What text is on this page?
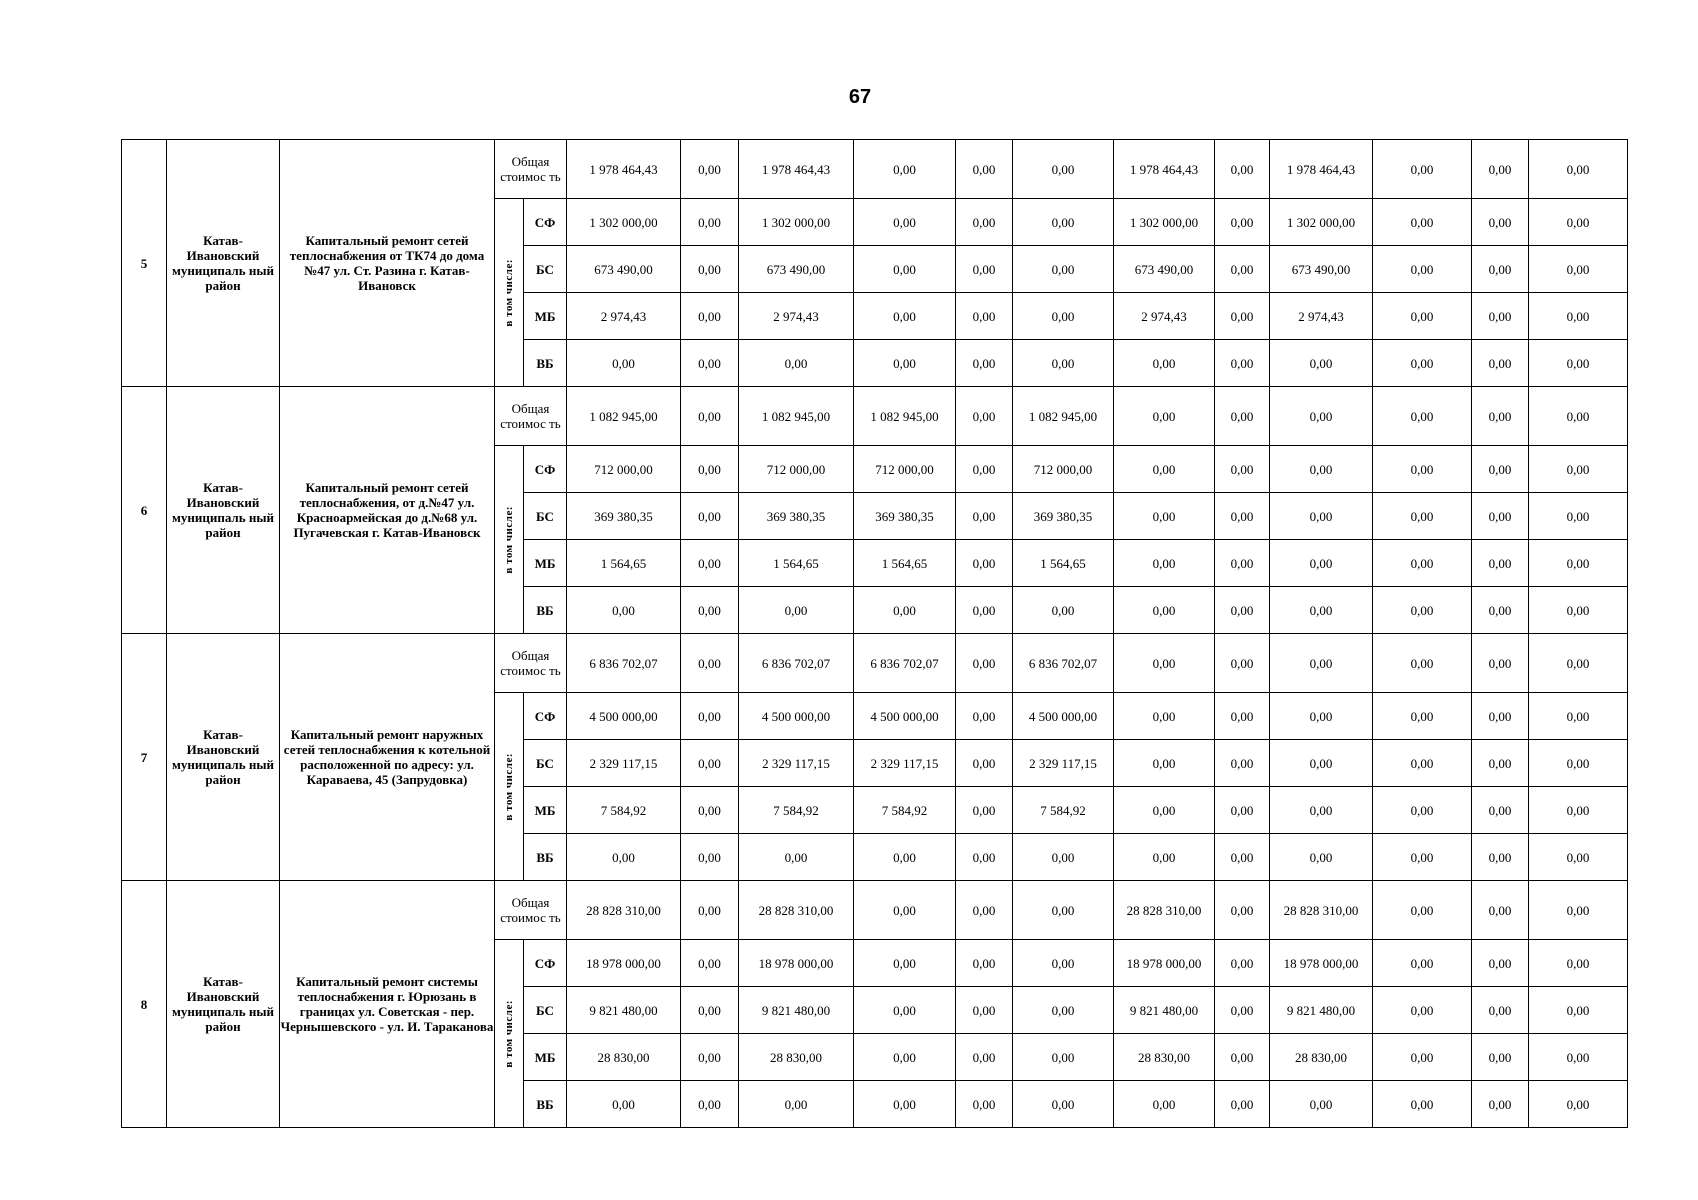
67
5	Катав-Ивановский муниципаль ный район	Капитальный ремонт сетей теплоснабжения от ТК74 до дома №47 ул. Ст. Разина г. Катав-Ивановск	Общая стоимос ть		1 978 464,43	0,00	1 978 464,43	0,00	0,00	0,00	1 978 464,43	0,00	1 978 464,43	0,00	0,00	0,00

			в том числе:	СФ	1 302 000,00	0,00	1 302 000,00	0,00	0,00	0,00	1 302 000,00	0,00	1 302 000,00	0,00	0,00	0,00
				БС	673 490,00	0,00	673 490,00	0,00	0,00	0,00	673 490,00	0,00	673 490,00	0,00	0,00	0,00
				МБ	2 974,43	0,00	2 974,43	0,00	0,00	0,00	2 974,43	0,00	2 974,43	0,00	0,00	0,00
				ВБ	0,00	0,00	0,00	0,00	0,00	0,00	0,00	0,00	0,00	0,00	0,00	0,00
6	Катав-Ивановский муниципаль ный район	Капитальный ремонт сетей теплоснабжения, от д.№47 ул. Красноармейская до д.№68 ул. Пугачевская г. Катав-Ивановск	Общая стоимос ть		1 082 945,00	0,00	1 082 945,00	1 082 945,00	0,00	1 082 945,00	0,00	0,00	0,00	0,00	0,00	0,00

			в том числе:	СФ	712 000,00	0,00	712 000,00	712 000,00	0,00	712 000,00	0,00	0,00	0,00	0,00	0,00	0,00
				БС	369 380,35	0,00	369 380,35	369 380,35	0,00	369 380,35	0,00	0,00	0,00	0,00	0,00	0,00
				МБ	1 564,65	0,00	1 564,65	1 564,65	0,00	1 564,65	0,00	0,00	0,00	0,00	0,00	0,00
				ВБ	0,00	0,00	0,00	0,00	0,00	0,00	0,00	0,00	0,00	0,00	0,00	0,00
7	Катав-Ивановский муниципаль ный район	Капитальный ремонт наружных сетей теплоснабжения к котельной расположенной по адресу: ул. Караваева, 45 (Запрудовка)	Общая стоимос ть		6 836 702,07	0,00	6 836 702,07	6 836 702,07	0,00	6 836 702,07	0,00	0,00	0,00	0,00	0,00	0,00

			в том числе:	СФ	4 500 000,00	0,00	4 500 000,00	4 500 000,00	0,00	4 500 000,00	0,00	0,00	0,00	0,00	0,00	0,00
				БС	2 329 117,15	0,00	2 329 117,15	2 329 117,15	0,00	2 329 117,15	0,00	0,00	0,00	0,00	0,00	0,00
				МБ	7 584,92	0,00	7 584,92	7 584,92	0,00	7 584,92	0,00	0,00	0,00	0,00	0,00	0,00
				ВБ	0,00	0,00	0,00	0,00	0,00	0,00	0,00	0,00	0,00	0,00	0,00	0,00
8	Катав-Ивановский муниципаль ный район	Капитальный ремонт системы теплоснабжения г. Юрюзань в границах ул. Советская - пер. Чернышевского - ул. И. Тараканова	Общая стоимос ть		28 828 310,00	0,00	28 828 310,00	0,00	0,00	0,00	28 828 310,00	0,00	28 828 310,00	0,00	0,00	0,00

			в том числе:	СФ	18 978 000,00	0,00	18 978 000,00	0,00	0,00	0,00	18 978 000,00	0,00	18 978 000,00	0,00	0,00	0,00
				БС	9 821 480,00	0,00	9 821 480,00	0,00	0,00	0,00	9 821 480,00	0,00	9 821 480,00	0,00	0,00	0,00
				МБ	28 830,00	0,00	28 830,00	0,00	0,00	0,00	28 830,00	0,00	28 830,00	0,00	0,00	0,00
				ВБ	0,00	0,00	0,00	0,00	0,00	0,00	0,00	0,00	0,00	0,00	0,00	0,00
